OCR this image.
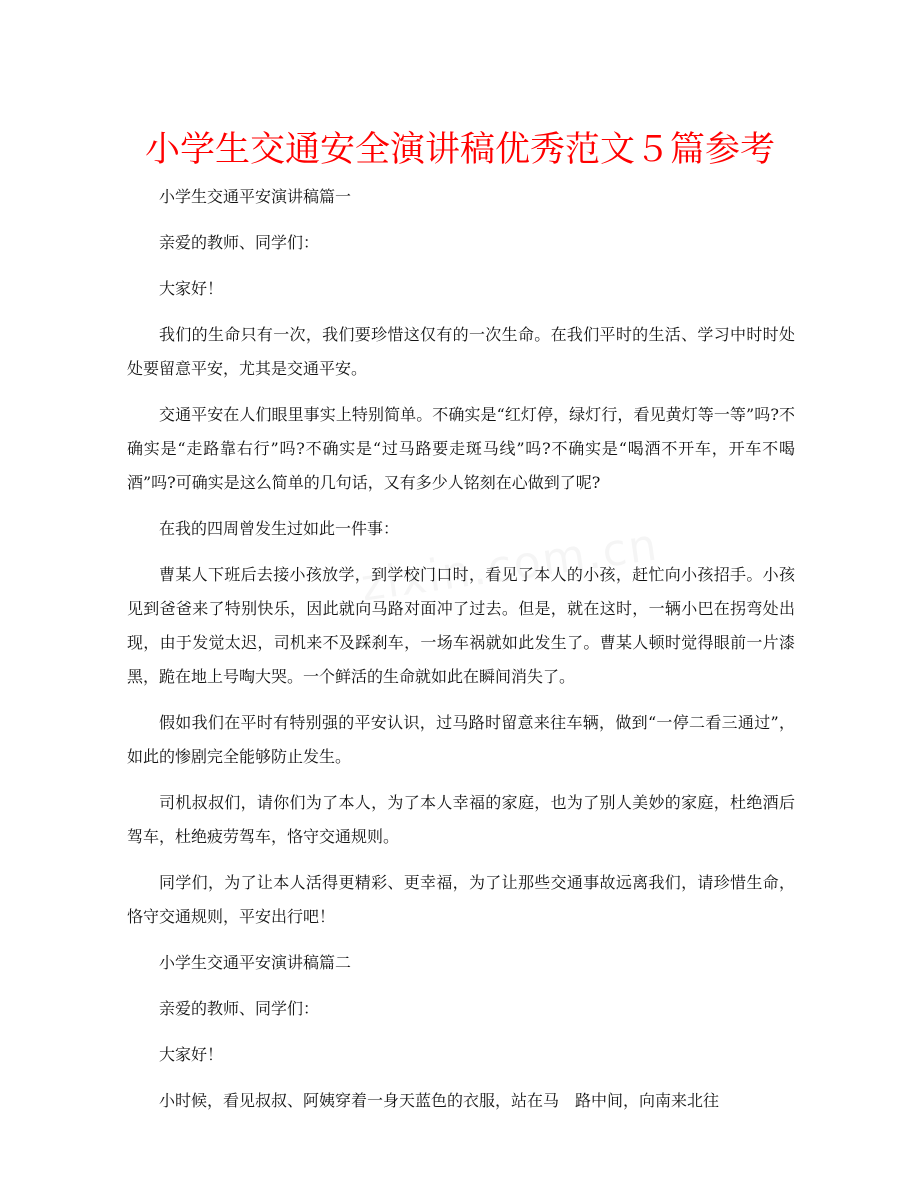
小学生交通安全演讲稿优秀范文５篇参考

小学生交通平安演讲稿篇一

亲爱的教师、同学们：

大家好！

我们的生命只有一次，我们要珍惜这仅有的一次生命。在我们平时的生活、学习中时时处处要留意平安，尤其是交通平安。

交通平安在人们眼里事实上特别简单。不确实是“红灯停，绿灯行，看见黄灯等一等”吗?不确实是“走路靠右行”吗?不确实是“过马路要走斑马线”吗?不确实是“喝酒不开车，开车不喝酒”吗?可确实是这么简单的几句话，又有多少人铭刻在心做到了呢?

在我的四周曾发生过如此一件事：

曹某人下班后去接小孩放学，到学校门口时，看见了本人的小孩，赶忙向小孩招手。小孩见到爸爸来了特别快乐，因此就向马路对面冲了过去。但是，就在这时，一辆小巴在拐弯处出现，由于发觉太迟，司机来不及踩刹车，一场车祸就如此发生了。曹某人顿时觉得眼前一片漆黑，跪在地上号啕大哭。一个鲜活的生命就如此在瞬间消失了。

假如我们在平时有特别强的平安认识，过马路时留意来往车辆，做到“一停二看三通过”，如此的惨剧完全能够防止发生。

司机叔叔们，请你们为了本人，为了本人幸福的家庭，也为了别人美妙的家庭，杜绝酒后驾车，杜绝疲劳驾车，恪守交通规则。

同学们，为了让本人活得更精彩、更幸福，为了让那些交通事故远离我们，请珍惜生命，恪守交通规则，平安出行吧！

小学生交通平安演讲稿篇二

亲爱的教师、同学们：

大家好！

小时候，看见叔叔、阿姨穿着一身天蓝色的衣服，站在马　路中间，向南来北往
